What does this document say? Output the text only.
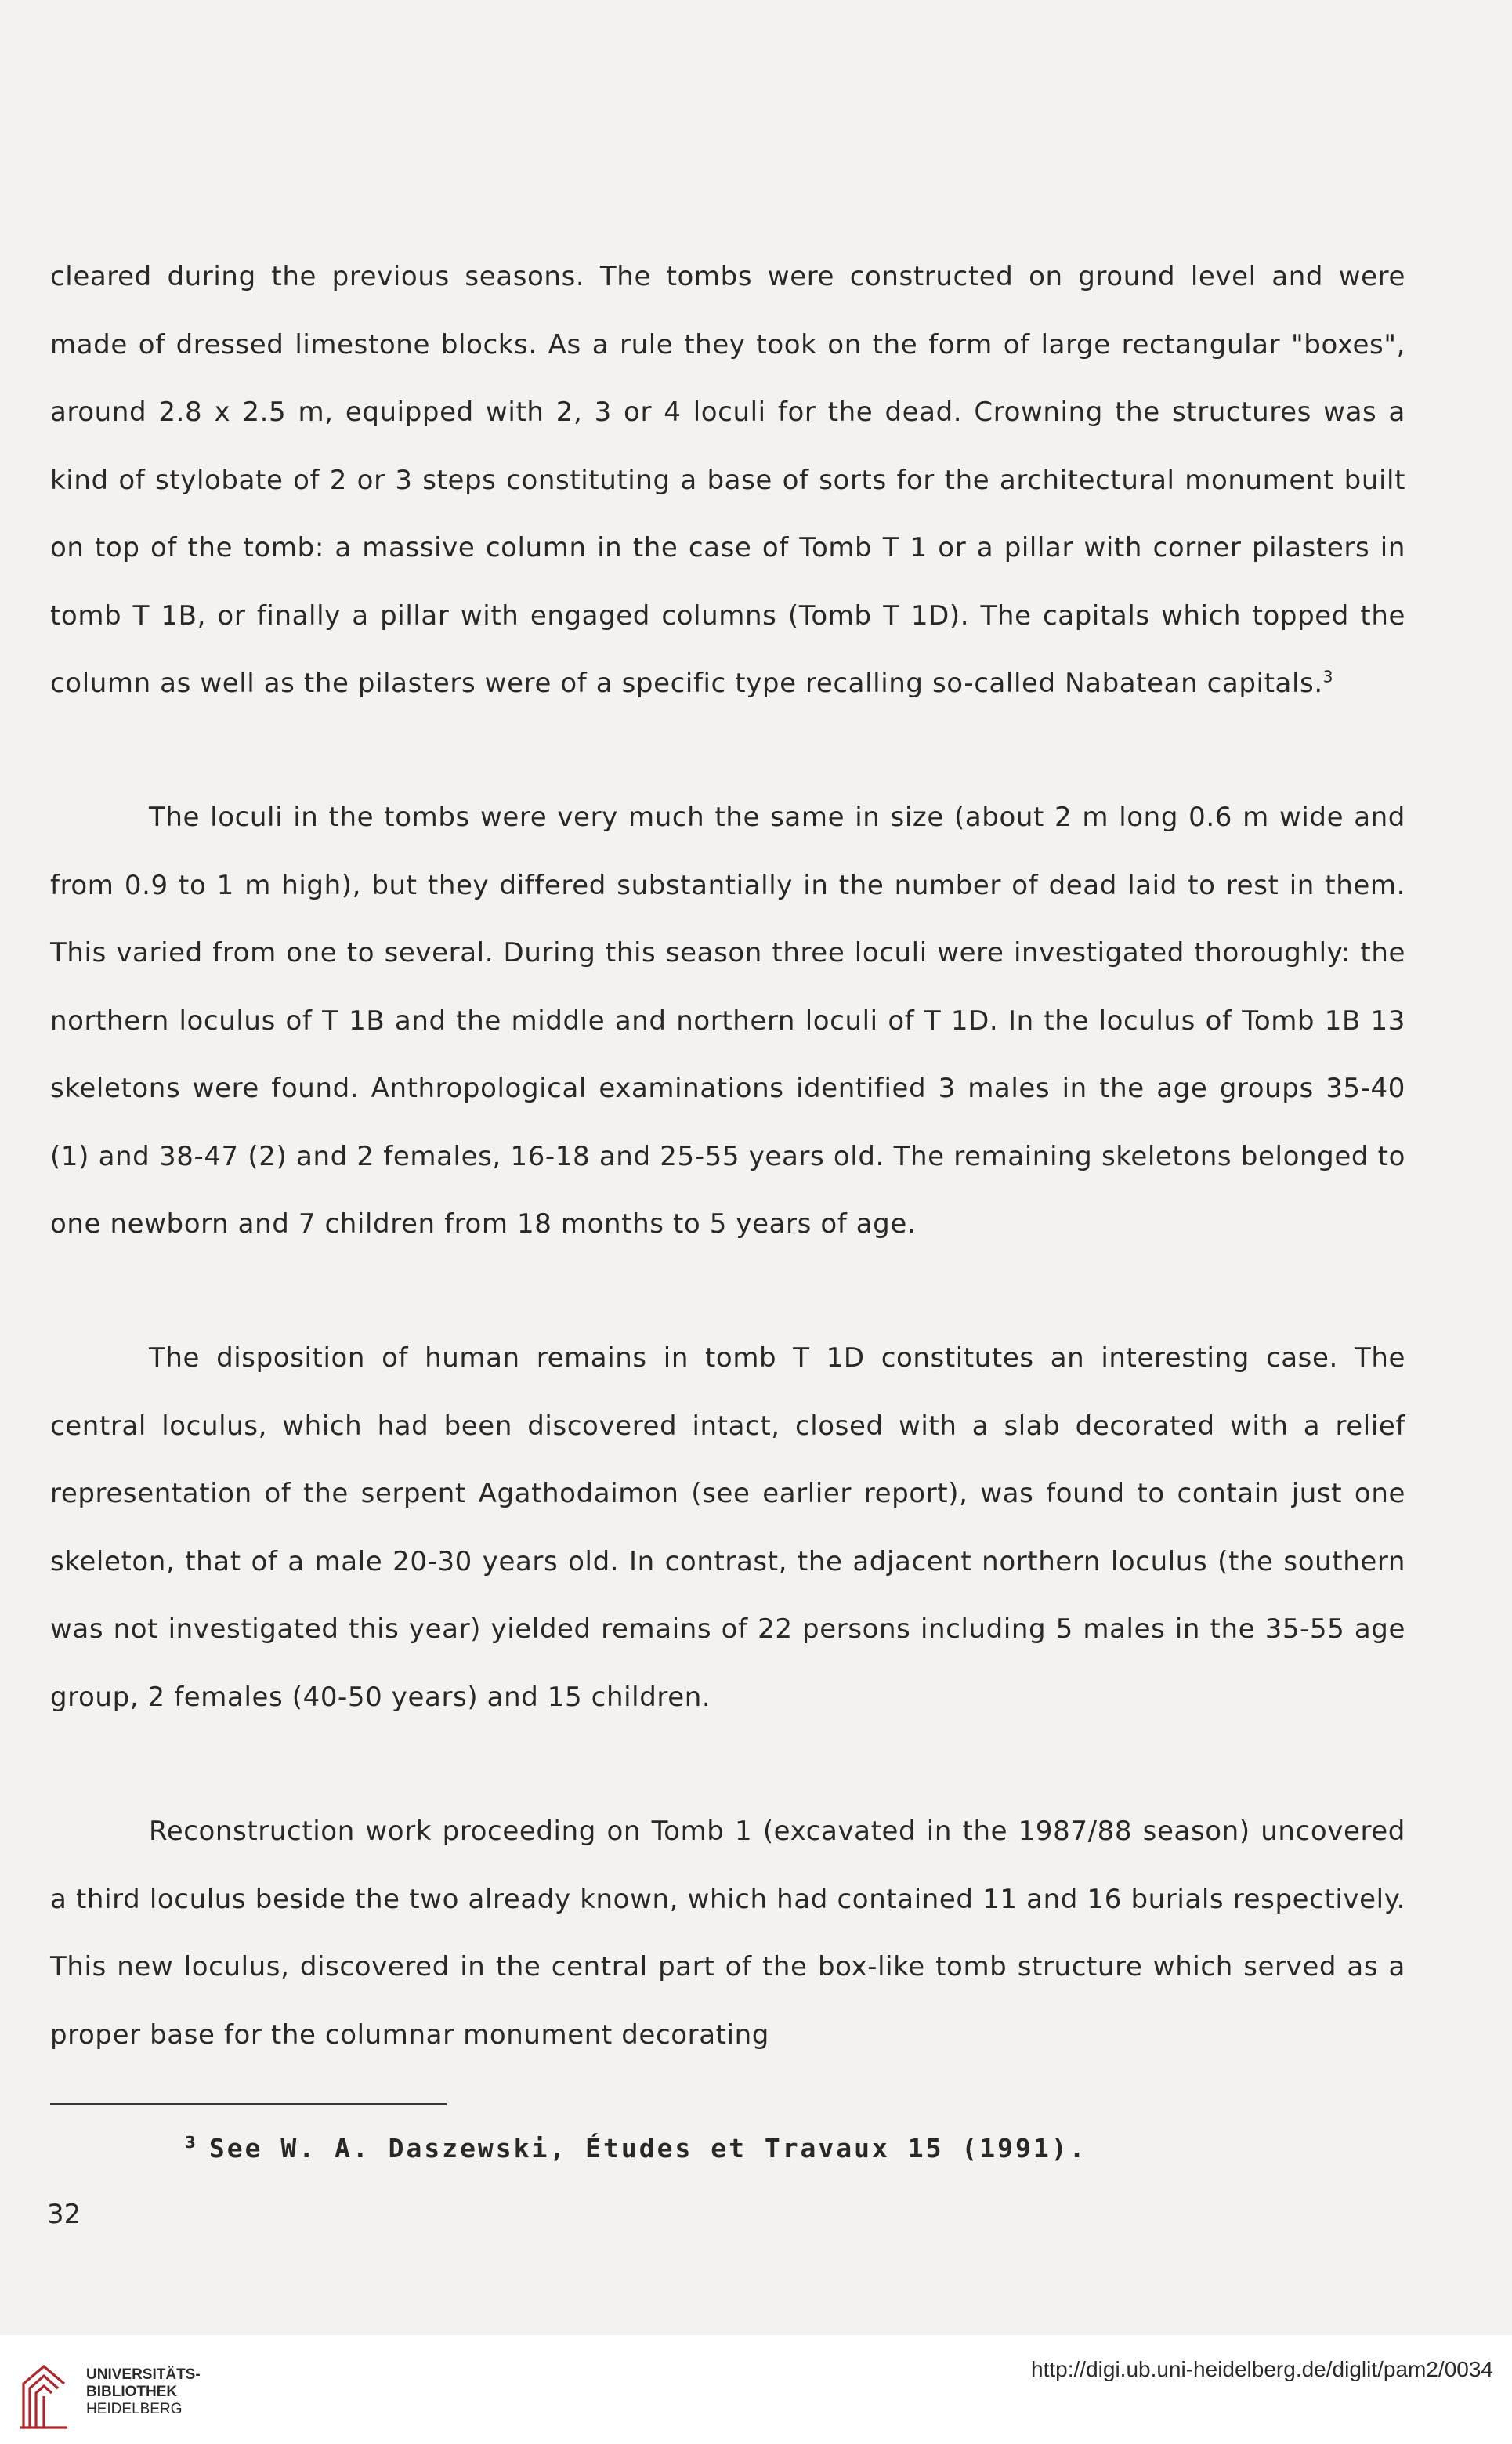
cleared during the previous seasons. The tombs were constructed on ground level and were made of dressed limestone blocks. As a rule they took on the form of large rectangular "boxes", around 2.8 x 2.5 m, equipped with 2, 3 or 4 loculi for the dead. Crowning the structures was a kind of stylobate of 2 or 3 steps constituting a base of sorts for the architectural monument built on top of the tomb: a massive column in the case of Tomb T 1 or a pillar with corner pilasters in tomb T 1B, or finally a pillar with engaged columns (Tomb T 1D). The capitals which topped the column as well as the pilasters were of a specific type recalling so-called Nabatean capitals.$^3$

The loculi in the tombs were very much the same in size (about 2 m long 0.6 m wide and from 0.9 to 1 m high), but they differed substantially in the number of dead laid to rest in them. This varied from one to several. During this season three loculi were investigated thoroughly: the northern loculus of T 1B and the middle and northern loculi of T 1D. In the loculus of Tomb 1B 13 skeletons were found. Anthropological examinations identified 3 males in the age groups 35-40 (1) and 38-47 (2) and 2 females, 16-18 and 25-55 years old. The remaining skeletons belonged to one newborn and 7 children from 18 months to 5 years of age.

The disposition of human remains in tomb T 1D constitutes an interesting case. The central loculus, which had been discovered intact, closed with a slab decorated with a relief representation of the serpent Agathodaimon (see earlier report), was found to contain just one skeleton, that of a male 20-30 years old. In contrast, the adjacent northern loculus (the southern was not investigated this year) yielded remains of 22 persons including 5 males in the 35-55 age group, 2 females (40-50 years) and 15 children.

Reconstruction work proceeding on Tomb 1 (excavated in the 1987/88 season) uncovered a third loculus beside the two already known, which had contained 11 and 16 burials respectively. This new loculus, discovered in the central part of the box-like tomb structure which served as a proper base for the columnar monument decorating

$^3$ See W. A. Daszewski, Études et Travaux 15 (1991).
32
UNIVERSITÄTS-
BIBLIOTHEK
HEIDELBERG
http://digi.ub.uni-heidelberg.de/diglit/pam2/0034
